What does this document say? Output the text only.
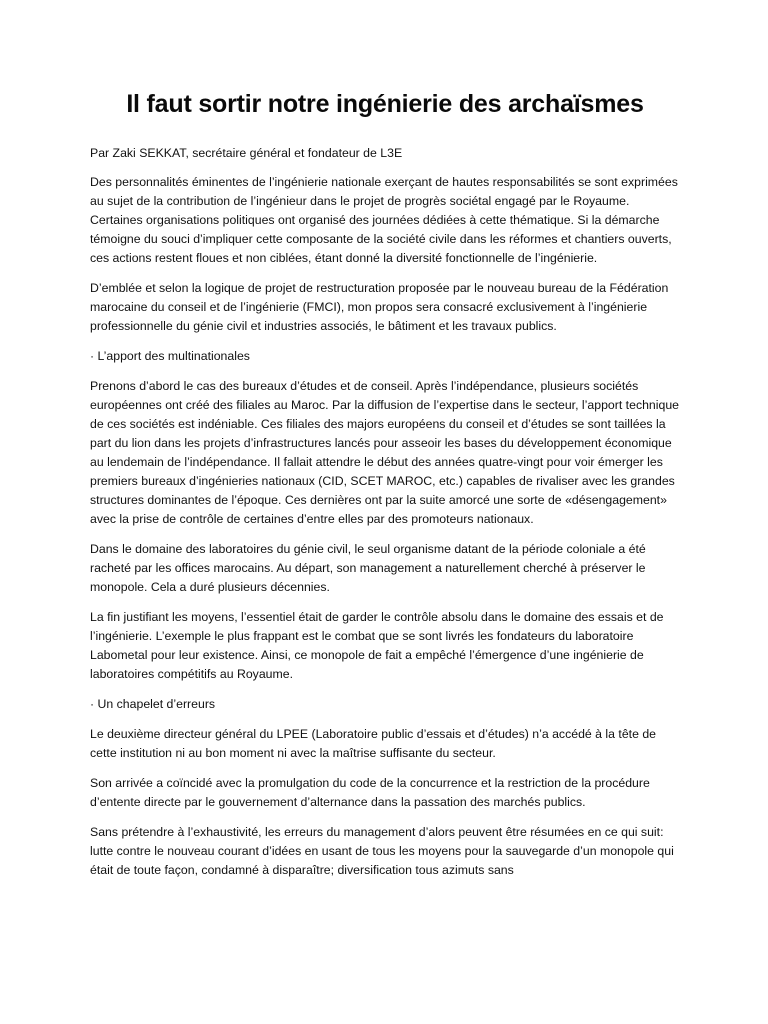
Il faut sortir notre ingénierie des archaïsmes

Par Zaki SEKKAT, secrétaire général et fondateur de L3E

Des personnalités éminentes de l’ingénierie nationale exerçant de hautes responsabilités se sont exprimées au sujet de la contribution de l’ingénieur dans le projet de progrès sociétal engagé par le Royaume. Certaines organisations politiques ont organisé des journées dédiées à cette thématique. Si la démarche témoigne du souci d’impliquer cette composante de la société civile dans les réformes et chantiers ouverts, ces actions restent floues et non ciblées, étant donné la diversité fonctionnelle de l’ingénierie.

D’emblée et selon la logique de projet de restructuration proposée par le nouveau bureau de la Fédération marocaine du conseil et de l’ingénierie (FMCI), mon propos sera consacré exclusivement à l’ingénierie professionnelle du génie civil et industries associés, le bâtiment et les travaux publics.

· L’apport des multinationales

Prenons d’abord le cas des bureaux d’études et de conseil. Après l’indépendance, plusieurs sociétés européennes ont créé des filiales au Maroc. Par la diffusion de l’expertise dans le secteur, l’apport technique de ces sociétés est indéniable. Ces filiales des majors européens du conseil et d’études se sont taillées la part du lion dans les projets d’infrastructures lancés pour asseoir les bases du développement économique au lendemain de l’indépendance. Il fallait attendre le début des années quatre-vingt pour voir émerger les premiers bureaux d’ingénieries nationaux (CID, SCET MAROC, etc.) capables de rivaliser avec les grandes structures dominantes de l’époque. Ces dernières ont par la suite amorcé une sorte de «désengagement» avec la prise de contrôle de certaines d’entre elles par des promoteurs nationaux.

Dans le domaine des laboratoires du génie civil, le seul organisme datant de la période coloniale a été racheté par les offices marocains. Au départ, son management a naturellement cherché à préserver le monopole. Cela a duré plusieurs décennies.

La fin justifiant les moyens, l’essentiel était de garder le contrôle absolu dans le domaine des essais et de l’ingénierie. L’exemple le plus frappant est le combat que se sont livrés les fondateurs du laboratoire Labometal pour leur existence. Ainsi, ce monopole de fait a empêché l’émergence d’une ingénierie de laboratoires compétitifs au Royaume.

· Un chapelet d’erreurs

Le deuxième directeur général du LPEE (Laboratoire public d’essais et d’études) n’a accédé à la tête de cette institution ni au bon moment ni avec la maîtrise suffisante du secteur.

Son arrivée a coïncidé avec la promulgation du code de la concurrence et la restriction de la procédure d’entente directe par le gouvernement d’alternance dans la passation des marchés publics.

Sans prétendre à l’exhaustivité, les erreurs du management d’alors peuvent être résumées en ce qui suit: lutte contre le nouveau courant d’idées en usant de tous les moyens pour la sauvegarde d’un monopole qui était de toute façon, condamné à disparaître; diversification tous azimuts sans
